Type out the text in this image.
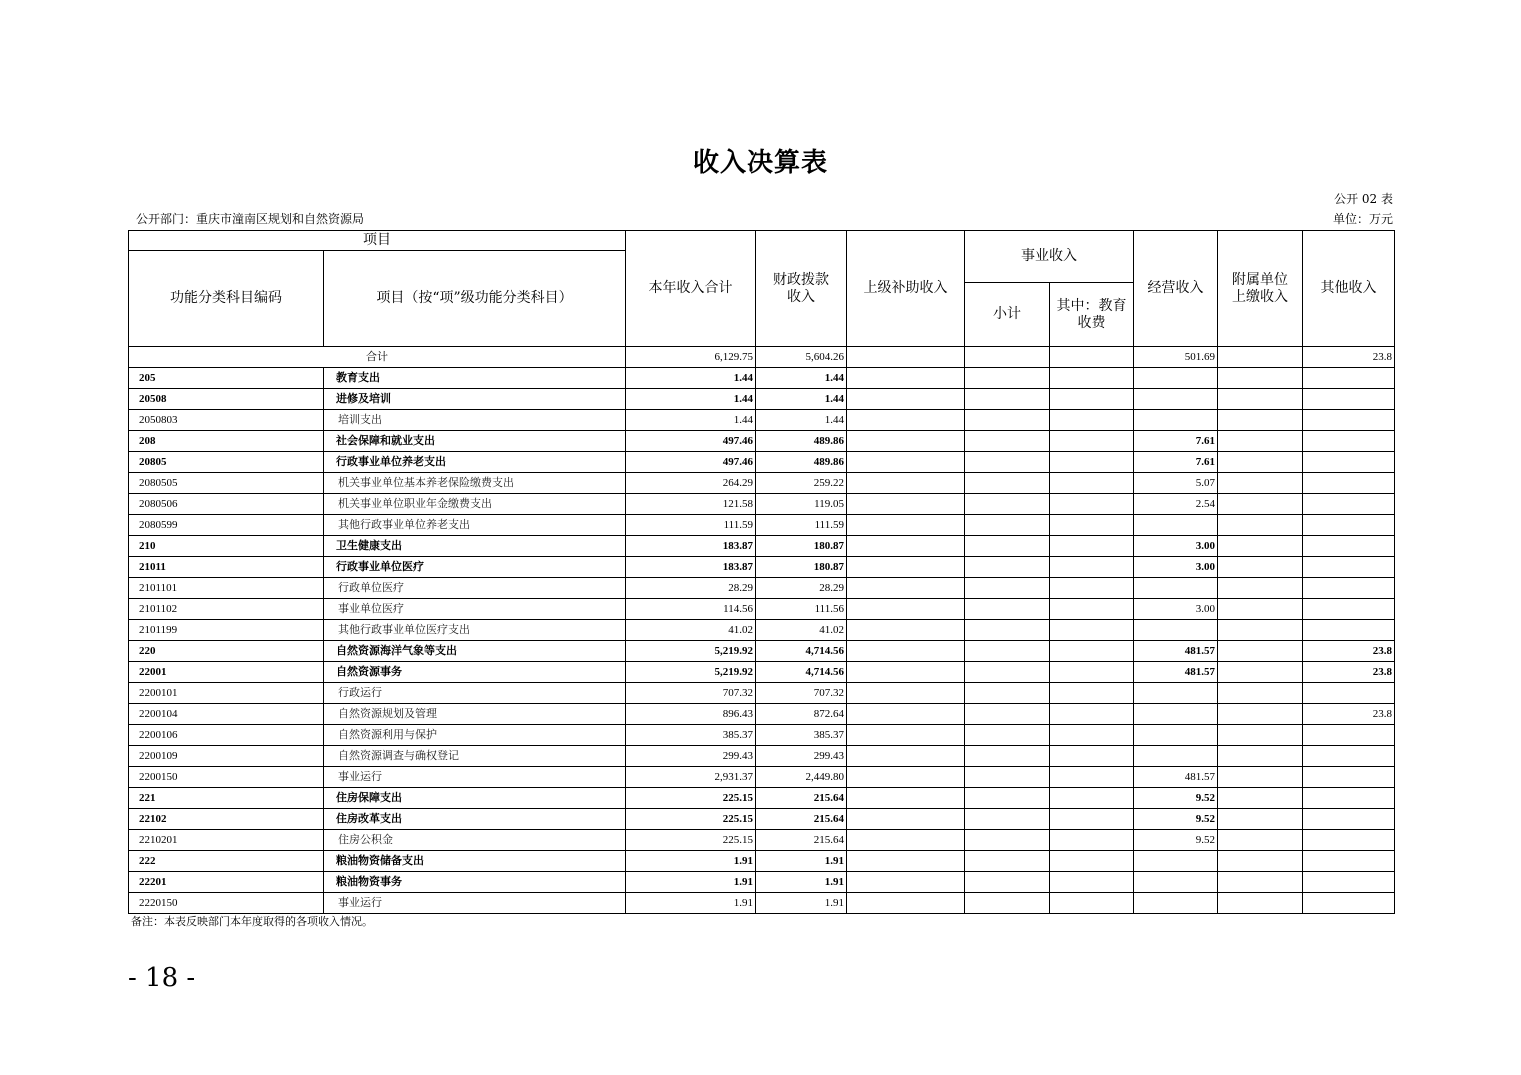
收入决算表
公开 02 表
公开部门：重庆市潼南区规划和自然资源局	单位：万元
项目		本年收入合计	财政拨款收入	上级补助收入	事业收入		经营收入	附属单位上缴收入	其他收入
功能分类科目编码	项目（按“项”级功能分类科目）								
					小计	其中：教育收费			
合计		6,129.75	5,604.26				501.69		23.8
205	教育支出	1.44	1.44						
20508	进修及培训	1.44	1.44						
2050803	培训支出	1.44	1.44						
208	社会保障和就业支出	497.46	489.86				7.61		
20805	行政事业单位养老支出	497.46	489.86				7.61		
2080505	机关事业单位基本养老保险缴费支出	264.29	259.22				5.07		
2080506	机关事业单位职业年金缴费支出	121.58	119.05				2.54		
2080599	其他行政事业单位养老支出	111.59	111.59						
210	卫生健康支出	183.87	180.87				3.00		
21011	行政事业单位医疗	183.87	180.87				3.00		
2101101	行政单位医疗	28.29	28.29						
2101102	事业单位医疗	114.56	111.56				3.00		
2101199	其他行政事业单位医疗支出	41.02	41.02						
220	自然资源海洋气象等支出	5,219.92	4,714.56				481.57		23.8
22001	自然资源事务	5,219.92	4,714.56				481.57		23.8
2200101	行政运行	707.32	707.32						
2200104	自然资源规划及管理	896.43	872.64						23.8
2200106	自然资源利用与保护	385.37	385.37						
2200109	自然资源调查与确权登记	299.43	299.43						
2200150	事业运行	2,931.37	2,449.80				481.57		
221	住房保障支出	225.15	215.64				9.52		
22102	住房改革支出	225.15	215.64				9.52		
2210201	住房公积金	225.15	215.64				9.52		
222	粮油物资储备支出	1.91	1.91						
22201	粮油物资事务	1.91	1.91						
2220150	事业运行	1.91	1.91						
备注：本表反映部门本年度取得的各项收入情况。
- 18 -
